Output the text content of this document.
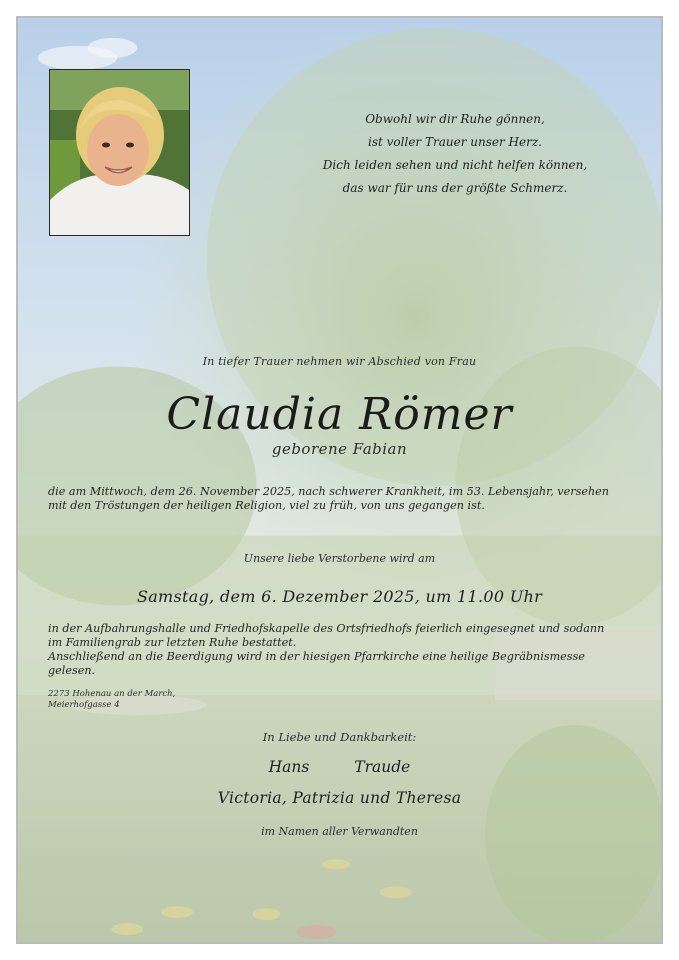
Obwohl wir dir Ruhe gönnen,
ist voller Trauer unser Herz.
Dich leiden sehen und nicht helfen können,
das war für uns der größte Schmerz.
In tiefer Trauer nehmen wir Abschied von Frau
Claudia Römer
geborene Fabian
die am Mittwoch, dem 26. November 2025, nach schwerer Krankheit, im 53. Lebensjahr, versehen
mit den Tröstungen der heiligen Religion, viel zu früh, von uns gegangen ist.
Unsere liebe Verstorbene wird am
Samstag, dem 6. Dezember 2025, um 11.00 Uhr
in der Aufbahrungshalle und Friedhofskapelle des Ortsfriedhofs feierlich eingesegnet und sodann
im Familiengrab zur letzten Ruhe bestattet.
Anschließend an die Beerdigung wird in der hiesigen Pfarrkirche eine heilige Begräbnismesse
gelesen.
2273 Hohenau an der March,
Meierhofgasse 4
In Liebe und Dankbarkeit:
Hans	Traude
Victoria, Patrizia und Theresa
im Namen aller Verwandten
